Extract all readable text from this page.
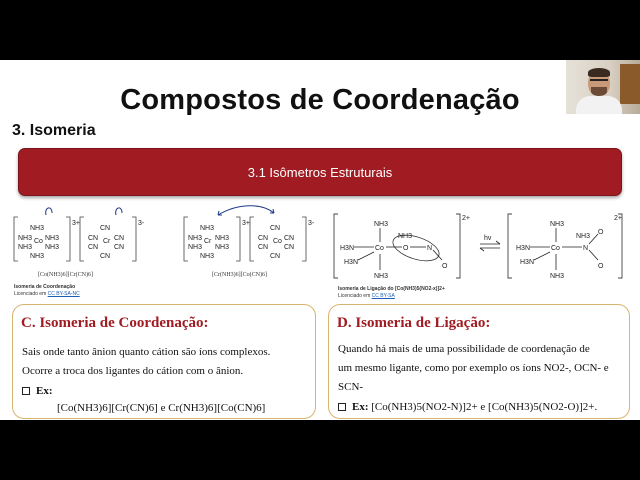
Compostos de Coordenação
3. Isomeria
3.1 Isômetros Estruturais
3+
NH3
NH3 NH3
Co
NH3 NH3
NH3
3-
CN
CN CN
Cr
CN CN
CN
[Co(NH3)6][Cr(CN)6]
Isomeria de Coordenação
Licenciado em CC BY-SA-NC
3+
NH3
NH3 NH3
Cr
NH3 NH3
NH3
3-
CN
CN CN
Co
CN CN
CN
[Cr(NH3)6][Co(CN)6]
2+
NH3
H3N	Co
NH3
H3N
NH3
O	N
O
hv
2+
NH3
H3N	Co
NH3
H3N
NH3
N
O
O
Isomeria de Ligação do [Co(NH3)5(NO2-x)]2+
Licenciado em CC BY-SA
C. Isomeria de Coordenação:

Sais onde tanto ânion quanto cátion são íons complexos.

Ocorre a troca dos ligantes do cátion com o ânion.

Ex:
[Co(NH3)6][Cr(CN)6] e Cr(NH3)6][Co(CN)6]
D. Isomeria de Ligação:

Quando há mais de uma possibilidade de coordenação de

um mesmo ligante, como por exemplo os íons NO2-, OCN- e

SCN-

Ex: [Co(NH3)5(NO2-N)]2+ e [Co(NH3)5(NO2-O)]2+.
